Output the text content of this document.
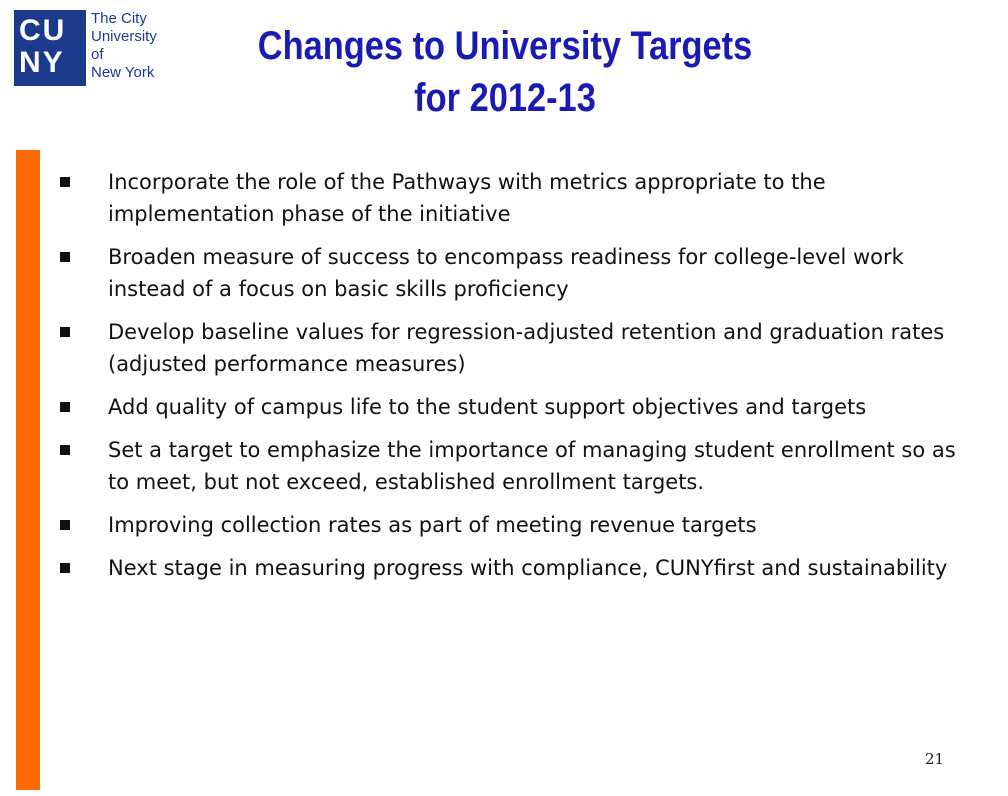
CU NY
The City
University
of
New York
Changes to University Targets
for 2012-13
Incorporate the role of the Pathways with metrics appropriate to the implementation phase of the initiative
Broaden measure of success to encompass readiness for college-level work instead of a focus on basic skills proficiency
Develop baseline values for regression-adjusted retention and graduation rates (adjusted performance measures)
Add quality of campus life to the student support objectives and targets
Set a target to emphasize the importance of managing student enrollment so as to meet, but not exceed, established enrollment targets.
Improving collection rates as part of meeting revenue targets
Next stage in measuring progress with compliance, CUNYfirst and sustainability
21
